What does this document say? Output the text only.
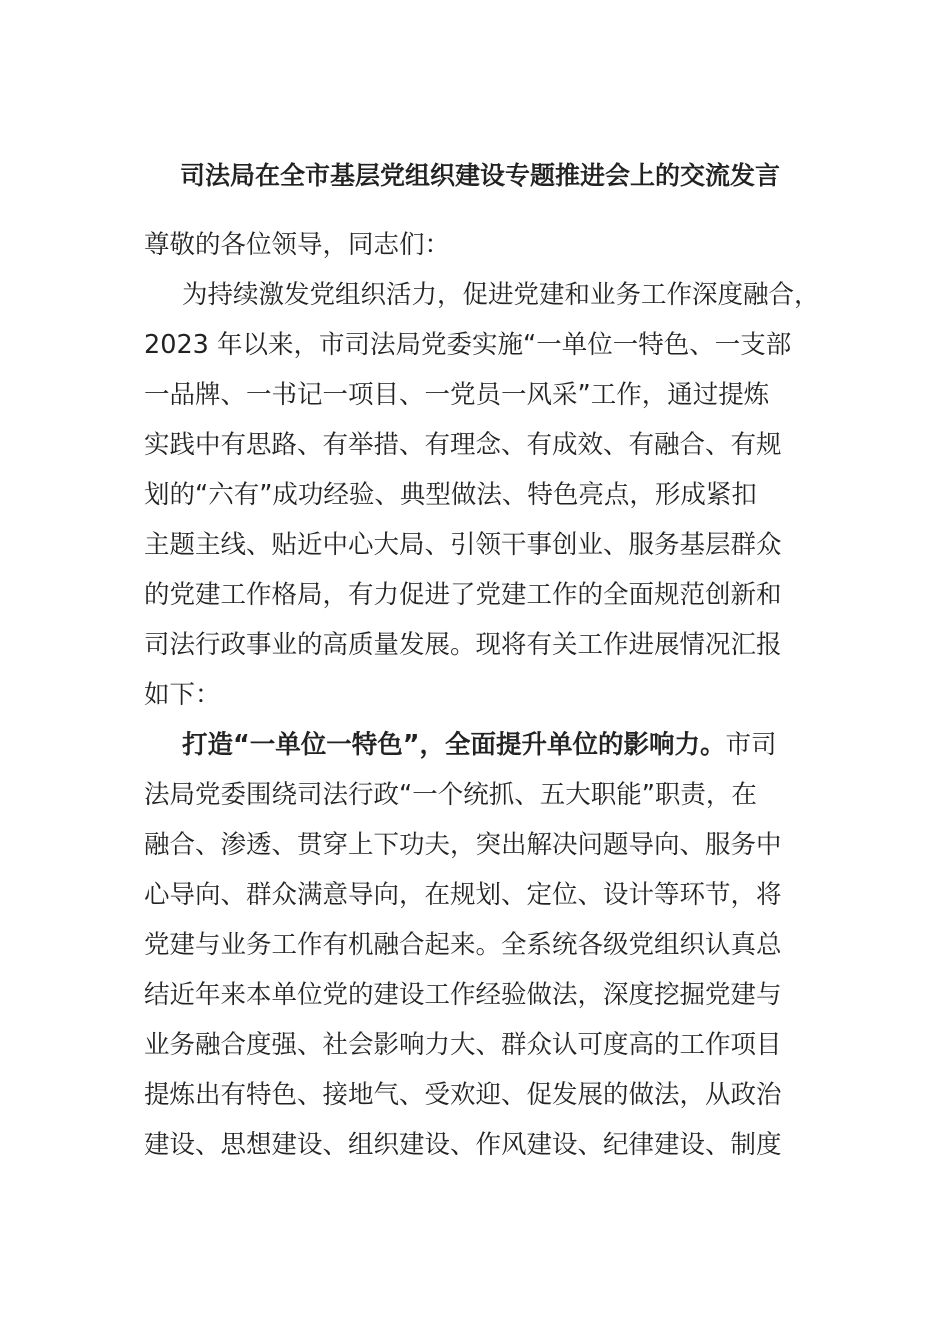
司法局在全市基层党组织建设专题推进会上的交流发言
尊敬的各位领导，同志们：
为持续激发党组织活力，促进党建和业务工作深度融合，
2023 年以来，市司法局党委实施“一单位一特色、一支部
一品牌、一书记一项目、一党员一风采”工作，通过提炼
实践中有思路、有举措、有理念、有成效、有融合、有规
划的“六有”成功经验、典型做法、特色亮点，形成紧扣
主题主线、贴近中心大局、引领干事创业、服务基层群众
的党建工作格局，有力促进了党建工作的全面规范创新和
司法行政事业的高质量发展。现将有关工作进展情况汇报
如下：
打造“一单位一特色”，全面提升单位的影响力。市司
法局党委围绕司法行政“一个统抓、五大职能”职责，在
融合、渗透、贯穿上下功夫，突出解决问题导向、服务中
心导向、群众满意导向，在规划、定位、设计等环节，将
党建与业务工作有机融合起来。全系统各级党组织认真总
结近年来本单位党的建设工作经验做法，深度挖掘党建与
业务融合度强、社会影响力大、群众认可度高的工作项目
提炼出有特色、接地气、受欢迎、促发展的做法，从政治
建设、思想建设、组织建设、作风建设、纪律建设、制度
